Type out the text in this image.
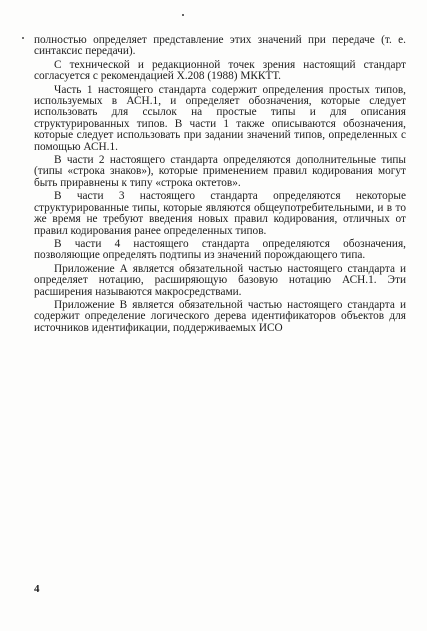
полностью определяет представление этих значений при передаче (т. е. синтаксис передачи).

С технической и редакционной точек зрения настоящий стандарт согласуется с рекомендацией X.208 (1988) МККТТ.

Часть 1 настоящего стандарта содержит определения простых типов, используемых в АСН.1, и определяет обозначения, которые следует использовать для ссылок на простые типы и для описания структурированных типов. В части 1 также описываются обозначения, которые следует использовать при задании значений типов, определенных с помощью АСН.1.

В части 2 настоящего стандарта определяются дополнительные типы (типы «строка знаков»), которые применением правил кодирования могут быть приравнены к типу «строка октетов».

В части 3 настоящего стандарта определяются некоторые структурированные типы, которые являются общеупотребительными, и в то же время не требуют введения новых правил кодирования, отличных от правил кодирования ранее определенных типов.

В части 4 настоящего стандарта определяются обозначения, позволяющие определять подтипы из значений порождающего типа.

Приложение А является обязательной частью настоящего стандарта и определяет нотацию, расширяющую базовую нотацию АСН.1. Эти расширения называются макросредствами.

Приложение В является обязательной частью настоящего стандарта и содержит определение логического дерева идентификаторов объектов для источников идентификации, поддерживаемых ИСО

4
